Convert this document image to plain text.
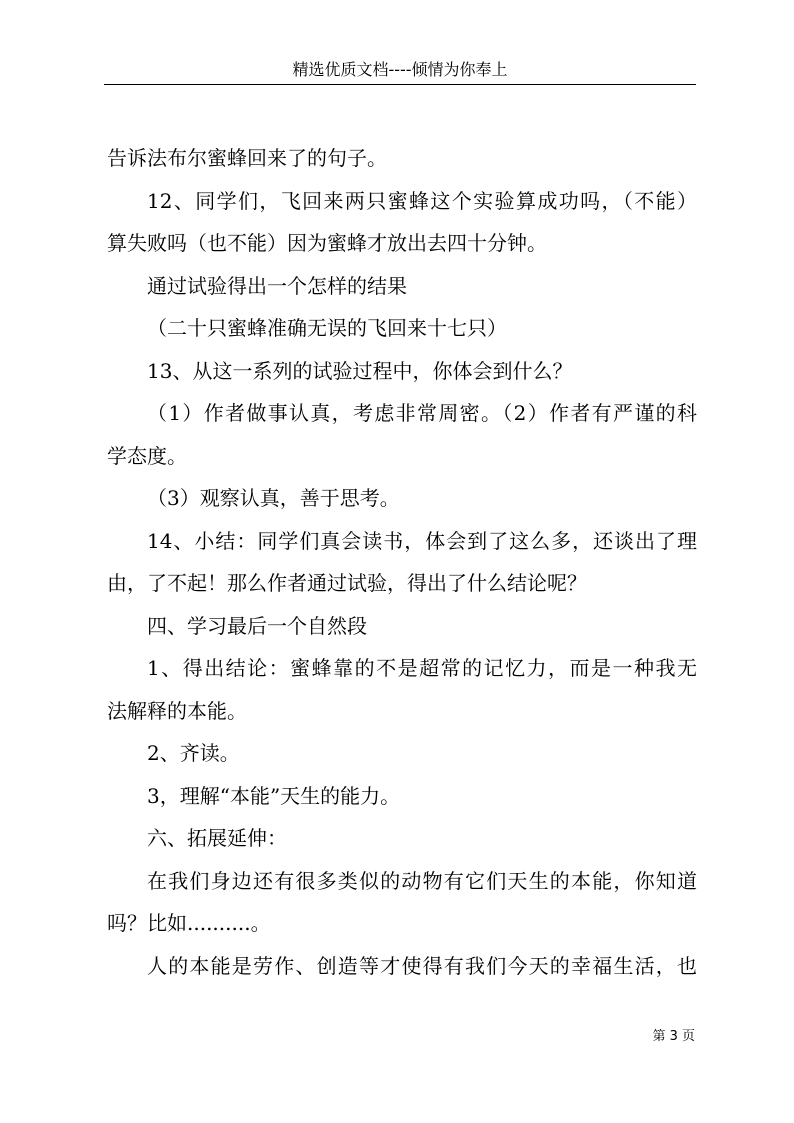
精选优质文档----倾情为你奉上
告诉法布尔蜜蜂回来了的句子。
12、同学们，飞回来两只蜜蜂这个实验算成功吗，（不能）
算失败吗（也不能）因为蜜蜂才放出去四十分钟。
通过试验得出一个怎样的结果
（二十只蜜蜂准确无误的飞回来十七只）
13、从这一系列的试验过程中，你体会到什么？
（1）作者做事认真，考虑非常周密。（2）作者有严谨的科
学态度。
（3）观察认真，善于思考。
14、小结：同学们真会读书，体会到了这么多，还谈出了理
由，了不起！那么作者通过试验，得出了什么结论呢？
四、学习最后一个自然段
1、得出结论：蜜蜂靠的不是超常的记忆力，而是一种我无
法解释的本能。
2、齐读。
3，理解“本能”天生的能力。
六、拓展延伸：
在我们身边还有很多类似的动物有它们天生的本能，你知道
吗？比如..........。
人的本能是劳作、创造等才使得有我们今天的幸福生活，也
第 3 页
